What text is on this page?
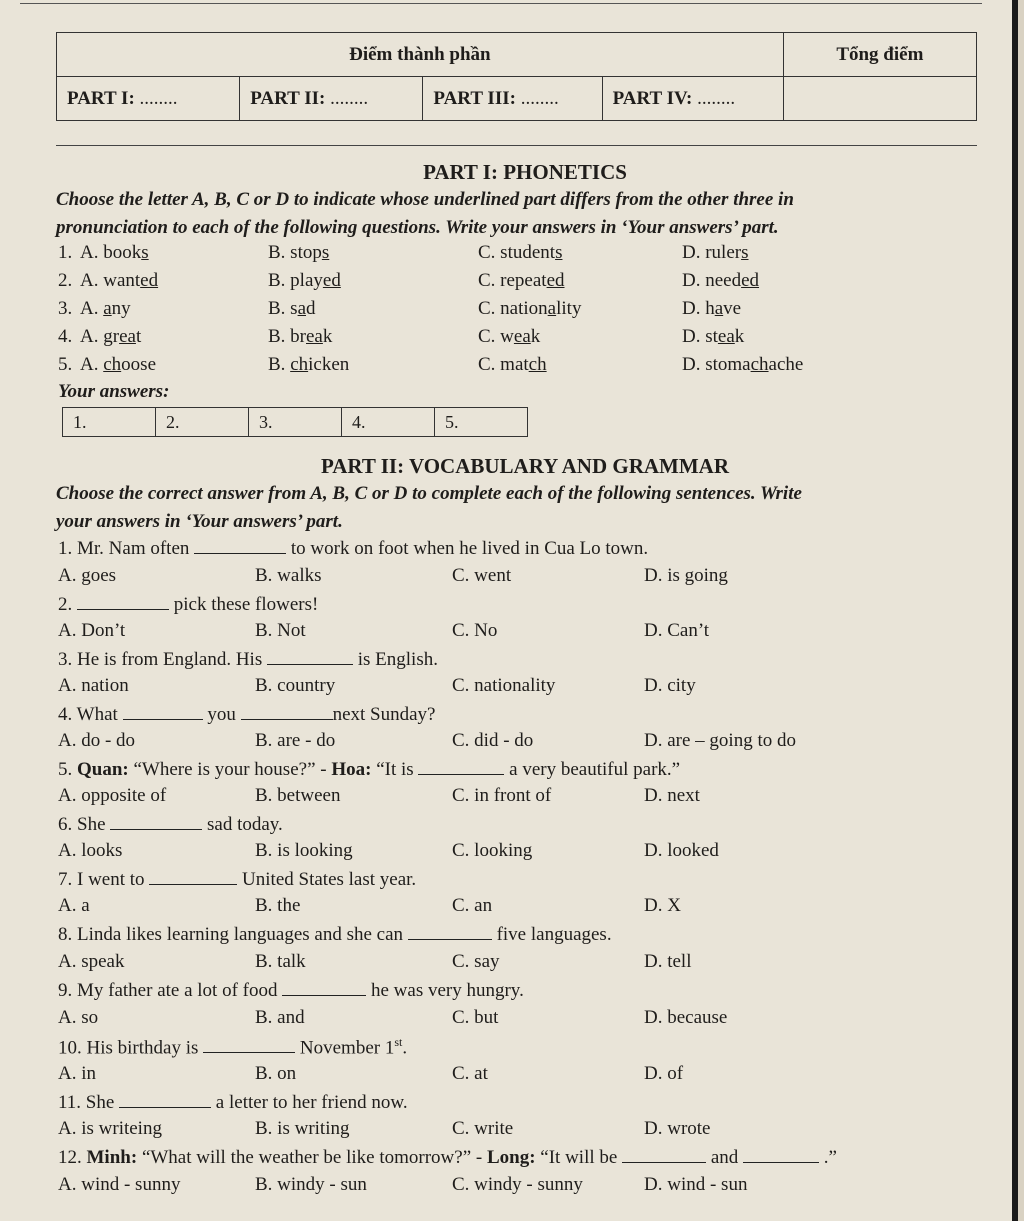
Điểm thành phần				Tổng điểm
PART I: ........	PART II: ........	PART III: ........	PART IV: ........	
PART I: PHONETICS
Choose the letter A, B, C or D to indicate whose underlined part differs from the other three in
pronunciation to each of the following questions. Write your answers in ‘Your answers’ part.
1. A. books	B. stops	C. students	D. rulers
2. A. wanted	B. played	C. repeated	D. needed
3. A. any	B. sad	C. nationality	D. have
4. A. great	B. break	C. weak	D. steak
5. A. choose	B. chicken	C. match	D. stomachache
Your answers:
1.	2.	3.	4.	5.
PART II: VOCABULARY AND GRAMMAR
Choose the correct answer from A, B, C or D to complete each of the following sentences. Write
your answers in ‘Your answers’ part.
1. Mr. Nam often	to work on foot when he lived in Cua Lo town.
A. goes	B. walks	C. went	D. is going
2.	pick these flowers!
A. Don’t	B. Not	C. No	D. Can’t
3. He is from England. His	is English.
A. nation	B. country	C. nationality	D. city
4. What	you	next Sunday?
A. do - do	B. are - do	C. did - do	D. are – going to do
5. Quan: “Where is your house?” - Hoa: “It is	a very beautiful park.”
A. opposite of	B. between	C. in front of	D. next
6. She	sad today.
A. looks	B. is looking	C. looking	D. looked
7. I went to	United States last year.
A. a	B. the	C. an	D. X
8. Linda likes learning languages and she can	five languages.
A. speak	B. talk	C. say	D. tell
9. My father ate a lot of food	he was very hungry.
A. so	B. and	C. but	D. because
10. His birthday is	November 1st.
A. in	B. on	C. at	D. of
11. She	a letter to her friend now.
A. is writeing	B. is writing	C. write	D. wrote
12. Minh: “What will the weather be like tomorrow?” - Long: “It will be	and	.”
A. wind - sunny	B. windy - sun	C. windy - sunny	D. wind - sun
